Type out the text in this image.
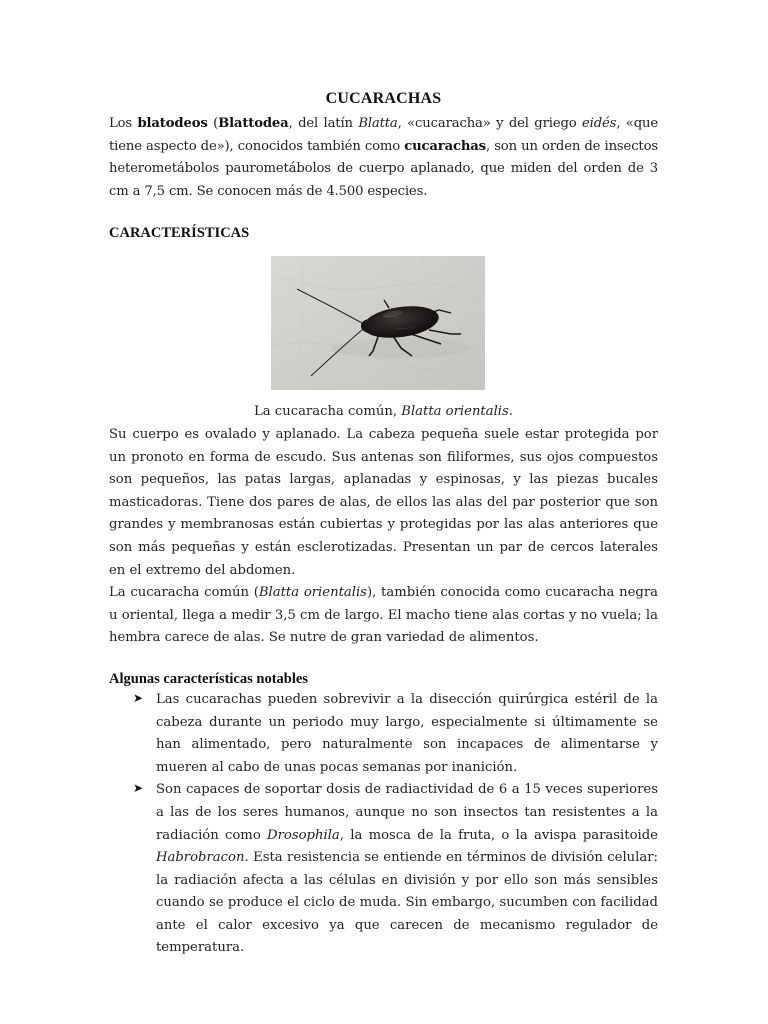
CUCARACHAS

Los blatodeos (Blattodea, del latín Blatta, «cucaracha» y del griego eidés, «que tiene aspecto de»), conocidos también como cucarachas, son un orden de insectos heterometábolos paurometábolos de cuerpo aplanado, que miden del orden de 3 cm a 7,5 cm. Se conocen más de 4.500 especies.

CARACTERÍSTICAS
La cucaracha común, Blatta orientalis.

Su cuerpo es ovalado y aplanado. La cabeza pequeña suele estar protegida por un pronoto en forma de escudo. Sus antenas son filiformes, sus ojos compuestos son pequeños, las patas largas, aplanadas y espinosas, y las piezas bucales masticadoras. Tiene dos pares de alas, de ellos las alas del par posterior que son grandes y membranosas están cubiertas y protegidas por las alas anteriores que son más pequeñas y están esclerotizadas. Presentan un par de cercos laterales en el extremo del abdomen.

La cucaracha común (Blatta orientalis), también conocida como cucaracha negra u oriental, llega a medir 3,5 cm de largo. El macho tiene alas cortas y no vuela; la hembra carece de alas. Se nutre de gran variedad de alimentos.

Algunas características notables
➤ Las cucarachas pueden sobrevivir a la disección quirúrgica estéril de la cabeza durante un periodo muy largo, especialmente si últimamente se han alimentado, pero naturalmente son incapaces de alimentarse y mueren al cabo de unas pocas semanas por inanición.

➤ Son capaces de soportar dosis de radiactividad de 6 a 15 veces superiores a las de los seres humanos, aunque no son insectos tan resistentes a la radiación como Drosophila, la mosca de la fruta, o la avispa parasitoide Habrobracon. Esta resistencia se entiende en términos de división celular: la radiación afecta a las células en división y por ello son más sensibles cuando se produce el ciclo de muda. Sin embargo, sucumben con facilidad ante el calor excesivo ya que carecen de mecanismo regulador de temperatura.
